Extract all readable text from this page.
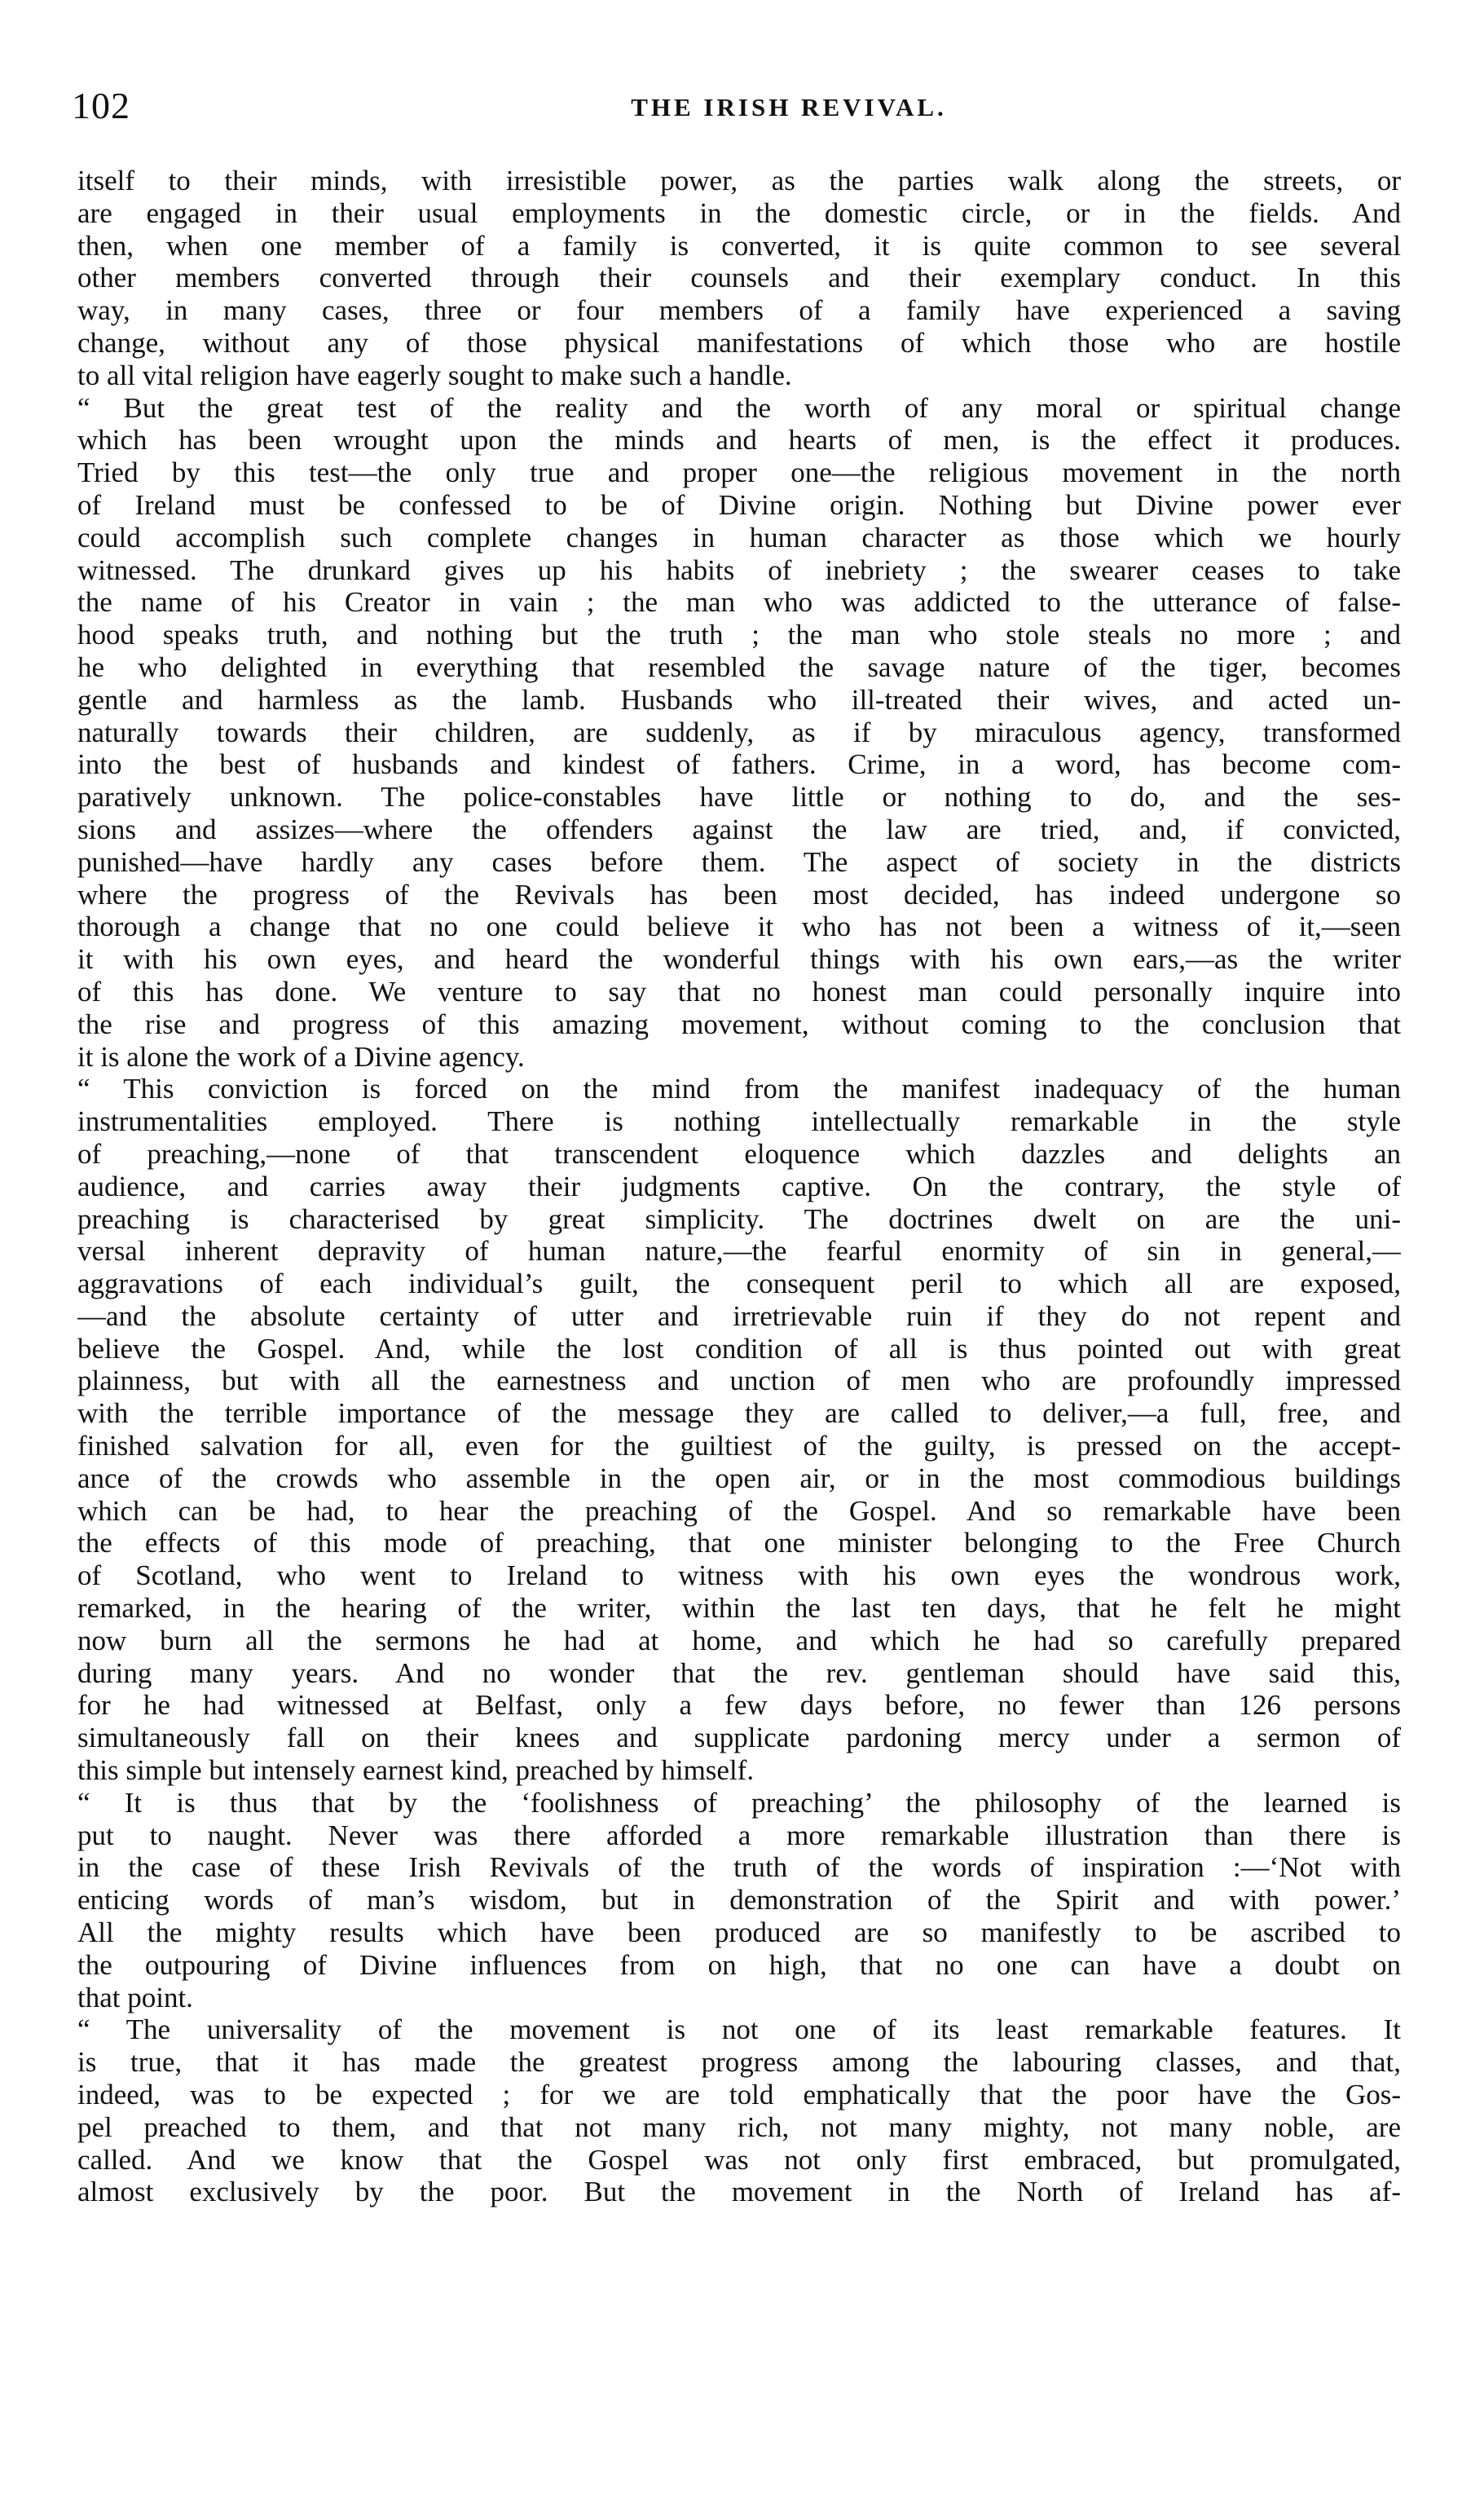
102	THE IRISH REVIVAL.
itself to their minds, with irresistible power, as the parties walk along the streets, or
are engaged in their usual employments in the domestic circle, or in the fields. And
then, when one member of a family is converted, it is quite common to see several
other members converted through their counsels and their exemplary conduct. In this
way, in many cases, three or four members of a family have experienced a saving
change, without any of those physical manifestations of which those who are hostile
to all vital religion have eagerly sought to make such a handle.
“ But the great test of the reality and the worth of any moral or spiritual change
which has been wrought upon the minds and hearts of men, is the effect it produces.
Tried by this test—the only true and proper one—the religious movement in the north
of Ireland must be confessed to be of Divine origin. Nothing but Divine power ever
could accomplish such complete changes in human character as those which we hourly
witnessed. The drunkard gives up his habits of inebriety ; the swearer ceases to take
the name of his Creator in vain ; the man who was addicted to the utterance of false-
hood speaks truth, and nothing but the truth ; the man who stole steals no more ; and
he who delighted in everything that resembled the savage nature of the tiger, becomes
gentle and harmless as the lamb. Husbands who ill-treated their wives, and acted un-
naturally towards their children, are suddenly, as if by miraculous agency, transformed
into the best of husbands and kindest of fathers. Crime, in a word, has become com-
paratively unknown. The police-constables have little or nothing to do, and the ses-
sions and assizes—where the offenders against the law are tried, and, if convicted,
punished—have hardly any cases before them. The aspect of society in the districts
where the progress of the Revivals has been most decided, has indeed undergone so
thorough a change that no one could believe it who has not been a witness of it,—seen
it with his own eyes, and heard the wonderful things with his own ears,—as the writer
of this has done. We venture to say that no honest man could personally inquire into
the rise and progress of this amazing movement, without coming to the conclusion that
it is alone the work of a Divine agency.
“ This conviction is forced on the mind from the manifest inadequacy of the human
instrumentalities employed. There is nothing intellectually remarkable in the style
of preaching,—none of that transcendent eloquence which dazzles and delights an
audience, and carries away their judgments captive. On the contrary, the style of
preaching is characterised by great simplicity. The doctrines dwelt on are the uni-
versal inherent depravity of human nature,—the fearful enormity of sin in general,—
aggravations of each individual’s guilt, the consequent peril to which all are exposed,
—and the absolute certainty of utter and irretrievable ruin if they do not repent and
believe the Gospel. And, while the lost condition of all is thus pointed out with great
plainness, but with all the earnestness and unction of men who are profoundly impressed
with the terrible importance of the message they are called to deliver,—a full, free, and
finished salvation for all, even for the guiltiest of the guilty, is pressed on the accept-
ance of the crowds who assemble in the open air, or in the most commodious buildings
which can be had, to hear the preaching of the Gospel. And so remarkable have been
the effects of this mode of preaching, that one minister belonging to the Free Church
of Scotland, who went to Ireland to witness with his own eyes the wondrous work,
remarked, in the hearing of the writer, within the last ten days, that he felt he might
now burn all the sermons he had at home, and which he had so carefully prepared
during many years. And no wonder that the rev. gentleman should have said this,
for he had witnessed at Belfast, only a few days before, no fewer than 126 persons
simultaneously fall on their knees and supplicate pardoning mercy under a sermon of
this simple but intensely earnest kind, preached by himself.
“ It is thus that by the ‘foolishness of preaching’ the philosophy of the learned is
put to naught. Never was there afforded a more remarkable illustration than there is
in the case of these Irish Revivals of the truth of the words of inspiration :—‘Not with
enticing words of man’s wisdom, but in demonstration of the Spirit and with power.’
All the mighty results which have been produced are so manifestly to be ascribed to
the outpouring of Divine influences from on high, that no one can have a doubt on
that point.
“ The universality of the movement is not one of its least remarkable features. It
is true, that it has made the greatest progress among the labouring classes, and that,
indeed, was to be expected ; for we are told emphatically that the poor have the Gos-
pel preached to them, and that not many rich, not many mighty, not many noble, are
called. And we know that the Gospel was not only first embraced, but promulgated,
almost exclusively by the poor. But the movement in the North of Ireland has af-
